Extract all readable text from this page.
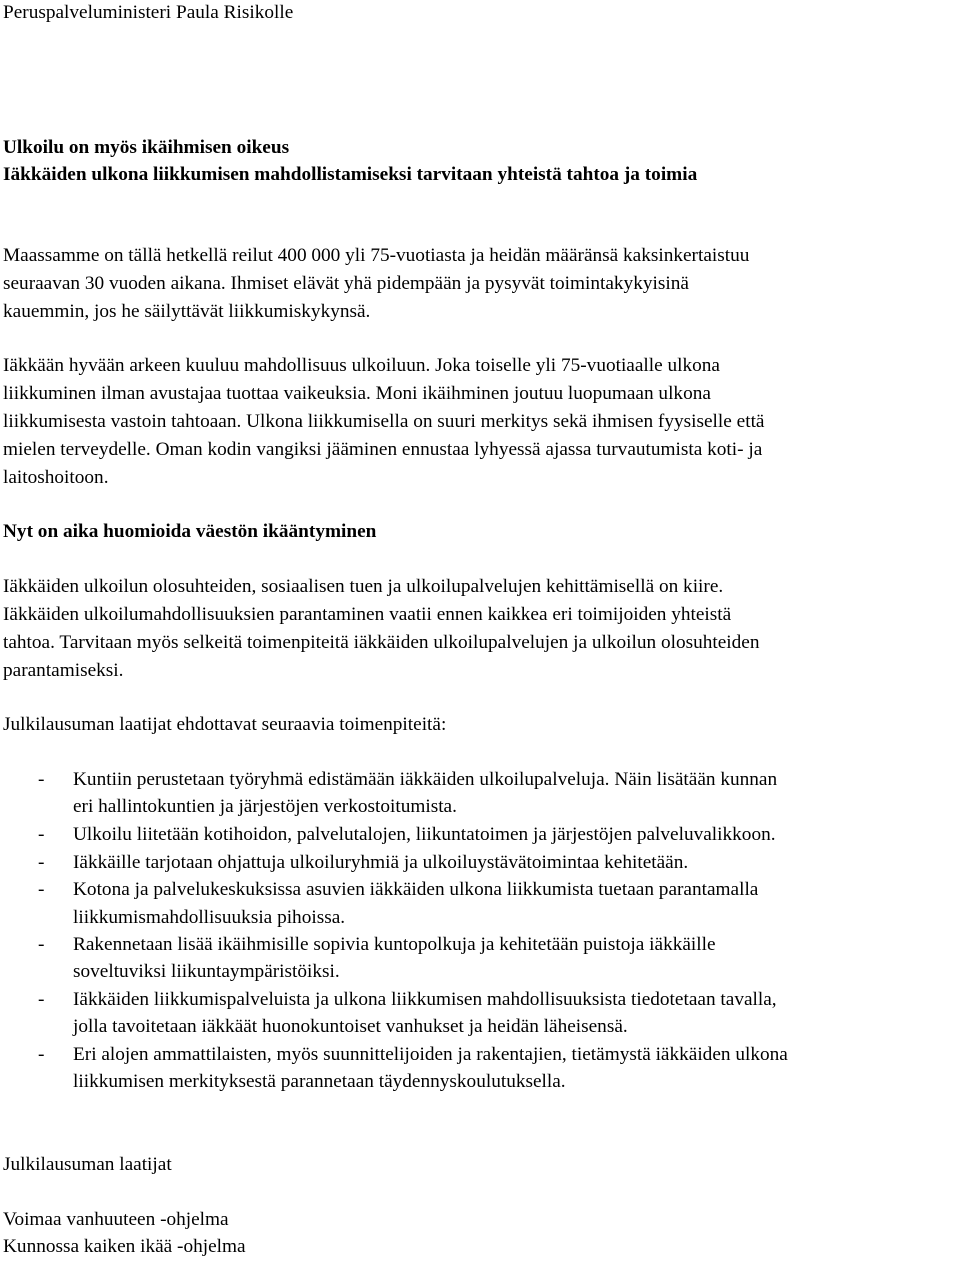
Peruspalveluministeri Paula Risikolle
Ulkoilu on myös ikäihmisen oikeus
Iäkkäiden ulkona liikkumisen mahdollistamiseksi tarvitaan yhteistä tahtoa ja toimia
Maassamme on tällä hetkellä reilut 400 000 yli 75-vuotiasta ja heidän määränsä kaksinkertaistuu
seuraavan 30 vuoden aikana. Ihmiset elävät yhä pidempään ja pysyvät toimintakykyisinä
kauemmin, jos he säilyttävät liikkumiskykynsä.
Iäkkään hyvään arkeen kuuluu mahdollisuus ulkoiluun. Joka toiselle yli 75-vuotiaalle ulkona
liikkuminen ilman avustajaa tuottaa vaikeuksia. Moni ikäihminen joutuu luopumaan ulkona
liikkumisesta vastoin tahtoaan. Ulkona liikkumisella on suuri merkitys sekä ihmisen fyysiselle että
mielen terveydelle. Oman kodin vangiksi jääminen ennustaa lyhyessä ajassa turvautumista koti- ja
laitoshoitoon.
Nyt on aika huomioida väestön ikääntyminen
Iäkkäiden ulkoilun olosuhteiden, sosiaalisen tuen ja ulkoilupalvelujen kehittämisellä on kiire.
Iäkkäiden ulkoilumahdollisuuksien parantaminen vaatii ennen kaikkea eri toimijoiden yhteistä
tahtoa. Tarvitaan myös selkeitä toimenpiteitä iäkkäiden ulkoilupalvelujen ja ulkoilun olosuhteiden
parantamiseksi.
Julkilausuman laatijat ehdottavat seuraavia toimenpiteitä:
- Kuntiin perustetaan työryhmä edistämään iäkkäiden ulkoilupalveluja. Näin lisätään kunnan
eri hallintokuntien ja järjestöjen verkostoitumista.
- Ulkoilu liitetään kotihoidon, palvelutalojen, liikuntatoimen ja järjestöjen palveluvalikkoon.
- Iäkkäille tarjotaan ohjattuja ulkoiluryhmiä ja ulkoiluystävätoimintaa kehitetään.
- Kotona ja palvelukeskuksissa asuvien iäkkäiden ulkona liikkumista tuetaan parantamalla
liikkumismahdollisuuksia pihoissa.
- Rakennetaan lisää ikäihmisille sopivia kuntopolkuja ja kehitetään puistoja iäkkäille
soveltuviksi liikuntaympäristöiksi.
- Iäkkäiden liikkumispalveluista ja ulkona liikkumisen mahdollisuuksista tiedotetaan tavalla,
jolla tavoitetaan iäkkäät huonokuntoiset vanhukset ja heidän läheisensä.
- Eri alojen ammattilaisten, myös suunnittelijoiden ja rakentajien, tietämystä iäkkäiden ulkona
liikkumisen merkityksestä parannetaan täydennyskoulutuksella.
Julkilausuman laatijat
Voimaa vanhuuteen -ohjelma
Kunnossa kaiken ikää -ohjelma
